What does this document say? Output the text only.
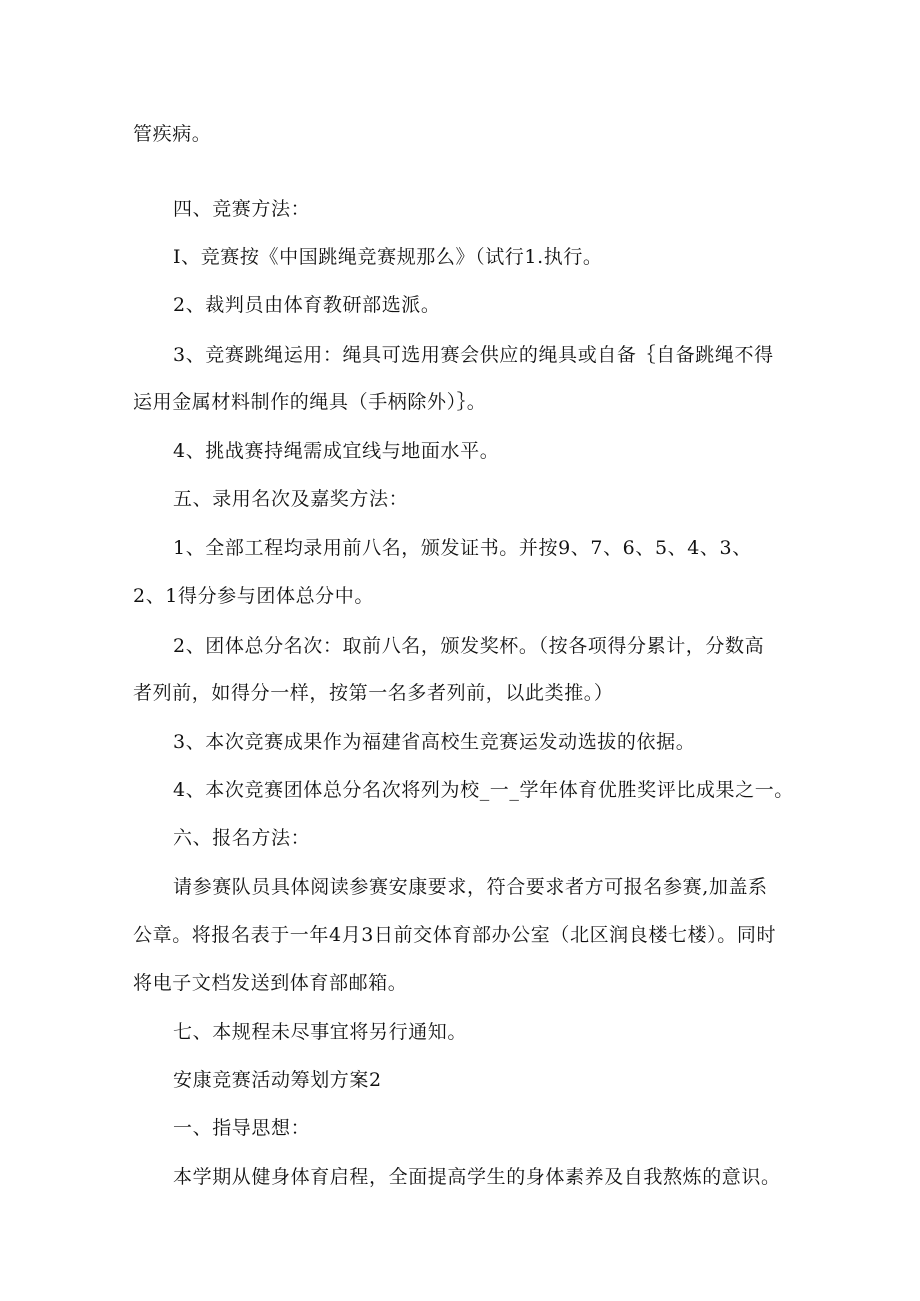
管疾病。
四、竞赛方法：
I、竞赛按《中国跳绳竞赛规那么》（试行1.执行。
2、裁判员由体育教研部选派。
3、竞赛跳绳运用：绳具可选用赛会供应的绳具或自备｛自备跳绳不得
运用金属材料制作的绳具（手柄除外）｝。
4、挑战赛持绳需成宜线与地面水平。
五、录用名次及嘉奖方法：
1、全部工程均录用前八名，颁发证书。并按9、7、6、5、4、3、
2、1得分参与团体总分中。
2、团体总分名次：取前八名，颁发奖杯。（按各项得分累计，分数高
者列前，如得分一样，按第一名多者列前，以此类推。）
3、本次竞赛成果作为福建省高校生竞赛运发动选拔的依据。
4、本次竞赛团体总分名次将列为校_一_学年体育优胜奖评比成果之一。
六、报名方法：
请参赛队员具体阅读参赛安康要求，符合要求者方可报名参赛,加盖系
公章。将报名表于一年4月3日前交体育部办公室（北区润良楼七楼）。同时
将电子文档发送到体育部邮箱。
七、本规程未尽事宜将另行通知。
安康竞赛活动筹划方案2
一、指导思想：
本学期从健身体育启程，全面提高学生的身体素养及自我熬炼的意识。
